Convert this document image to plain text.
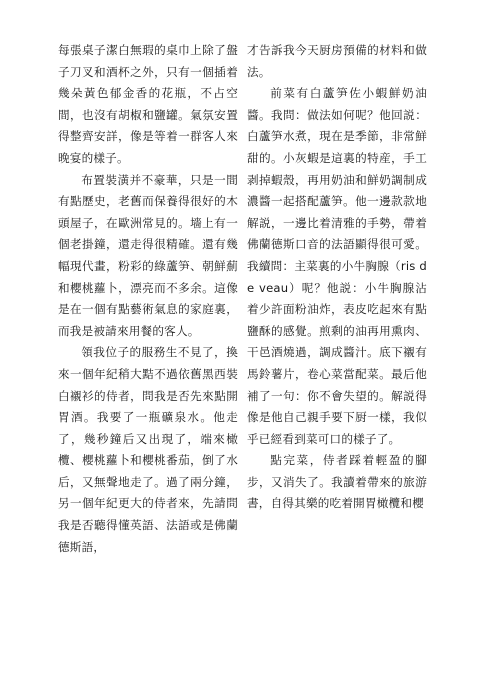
每張桌子潔白無瑕的桌巾上除了盤子刀叉和酒杯之外，只有一個插着幾朵黃色郁金香的花瓶，不占空間，也沒有胡椒和鹽罐。氣氛安置得整齊安詳，像是等着一群客人來晚宴的樣子。

布置裝潢并不豪華，只是一間有點歷史，老舊而保養得很好的木頭屋子，在歐洲常見的。墻上有一個老掛鐘，還走得很精確。還有幾幅現代畫，粉彩的綠蘆笋、朝鮮薊和櫻桃蘿卜，漂亮而不多余。這像是在一個有點藝術氣息的家庭裏，而我是被請來用餐的客人。

領我位子的服務生不見了，換來一個年紀稍大黠不過依舊黑西裝白襯衫的侍者，問我是否先來點開胃酒。我要了一瓶礦泉水。他走了，幾秒鐘后又出現了，端來橄欖、櫻桃蘿卜和櫻桃番茄，倒了水后，又無聲地走了。過了兩分鐘，另一個年紀更大的侍者來，先請問我是否聽得懂英語、法語或是佛蘭德斯語，

才告訴我今天厨房預備的材料和做法。

前菜有白蘆笋佐小蝦鮮奶油醬。我問：做法如何呢？他回説：白蘆笋水煮，現在是季節，非常鮮甜的。小灰蝦是這裏的特産，手工剥掉蝦殼，再用奶油和鮮奶調制成濃醬一起搭配蘆笋。他一邊款款地解説，一邊比着清雅的手勢，帶着佛蘭德斯口音的法語顯得很可愛。我續問：主菜裏的小牛胸腺（ris de veau）呢？他説：小牛胸腺沾着少許面粉油炸，表皮吃起來有點鹽酥的感覺。煎剩的油再用熏肉、干邑酒燒過，調成醬汁。底下襯有馬鈴薯片，卷心菜當配菜。最后他補了一句：你不會失望的。解説得像是他自己親手要下厨一樣，我似乎已經看到菜可口的樣子了。

點完菜，侍者踩着輕盈的腳步，又消失了。我讀着帶來的旅游書，自得其樂的吃着開胃橄欖和櫻
